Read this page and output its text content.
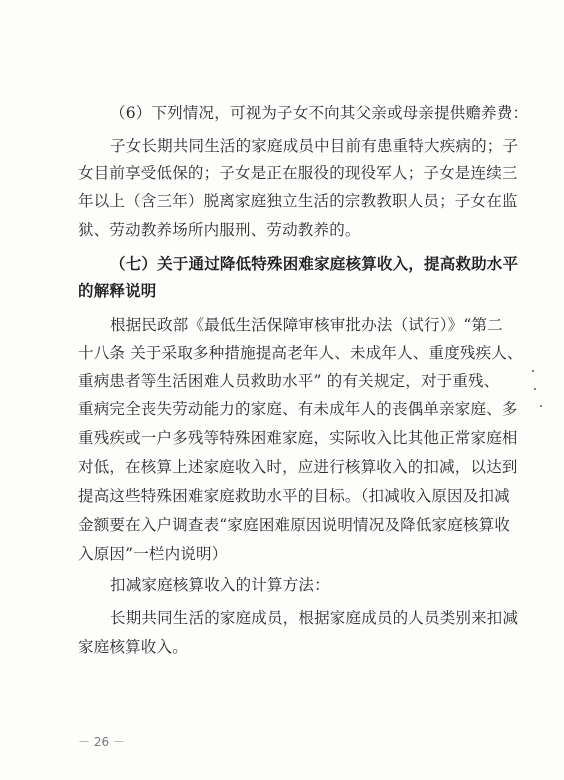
（6）下列情况，可视为子女不向其父亲或母亲提供赡养费：
子女长期共同生活的家庭成员中目前有患重特大疾病的；子
女目前享受低保的；子女是正在服役的现役军人；子女是连续三
年以上（含三年）脱离家庭独立生活的宗教教职人员；子女在监
狱、劳动教养场所内服刑、劳动教养的。
（七）关于通过降低特殊困难家庭核算收入，提高救助水平
的解释说明
根据民政部《最低生活保障审核审批办法（试行）》“第二
十八条 关于采取多种措施提高老年人、未成年人、重度残疾人、
重病患者等生活困难人员救助水平” 的有关规定，对于重残、
重病完全丧失劳动能力的家庭、有未成年人的丧偶单亲家庭、多
重残疾或一户多残等特殊困难家庭，实际收入比其他正常家庭相
对低，在核算上述家庭收入时，应进行核算收入的扣减，以达到
提高这些特殊困难家庭救助水平的目标。（扣减收入原因及扣减
金额要在入户调查表“家庭困难原因说明情况及降低家庭核算收
入原因”一栏内说明）
扣减家庭核算收入的计算方法：
长期共同生活的家庭成员，根据家庭成员的人员类别来扣减
家庭核算收入。
－ 26 －
